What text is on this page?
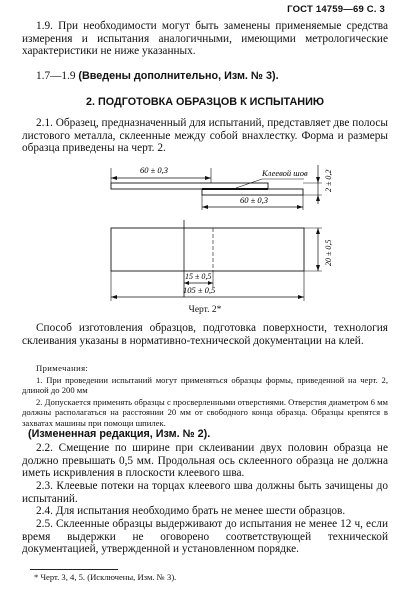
ГОСТ 14759—69 С. 3
1.9. При необходимости могут быть заменены применяемые средства измерения и испытания аналогичными, имеющими метрологические характеристики не ниже указанных.
1.7—1.9 (Введены дополнительно, Изм. № 3).
2. ПОДГОТОВКА ОБРАЗЦОВ К ИСПЫТАНИЮ
2.1. Образец, предназначенный для испытаний, представляет две полосы листового металла, склеенные между собой внахлестку. Форма и размеры образца приведены на черт. 2.
60 ± 0,3	Клеевой шов 2 ± 0,2
60 ± 0,3
20 ± 0,5
15 ± 0,5
105 ± 0,5
Черт. 2*
Способ изготовления образцов, подготовка поверхности, технология склеивания указаны в нормативно-технической документации на клей.
Примечания:
1. При проведении испытаний могут применяться образцы формы, приведенной на черт. 2, длиной до 200 мм
2. Допускается применять образцы с просверленными отверстиями. Отверстия диаметром 6 мм должны располагаться на расстоянии 20 мм от свободного конца образца. Образцы крепятся в захватах машины при помощи шпилек.
(Измененная редакция, Изм. № 2).
2.2. Смещение по ширине при склеивании двух половин образца не должно превышать 0,5 мм. Продольная ось склеенного образца не должна иметь искривления в плоскости клеевого шва.
2.3. Клеевые потеки на торцах клеевого шва должны быть зачищены до испытаний.
2.4. Для испытания необходимо брать не менее шести образцов.
2.5. Склеенные образцы выдерживают до испытания не менее 12 ч, если время выдержки не оговорено соответствующей технической документацией, утвержденной и установленном порядке.
* Черт. 3, 4, 5. (Исключены, Изм. № 3).
